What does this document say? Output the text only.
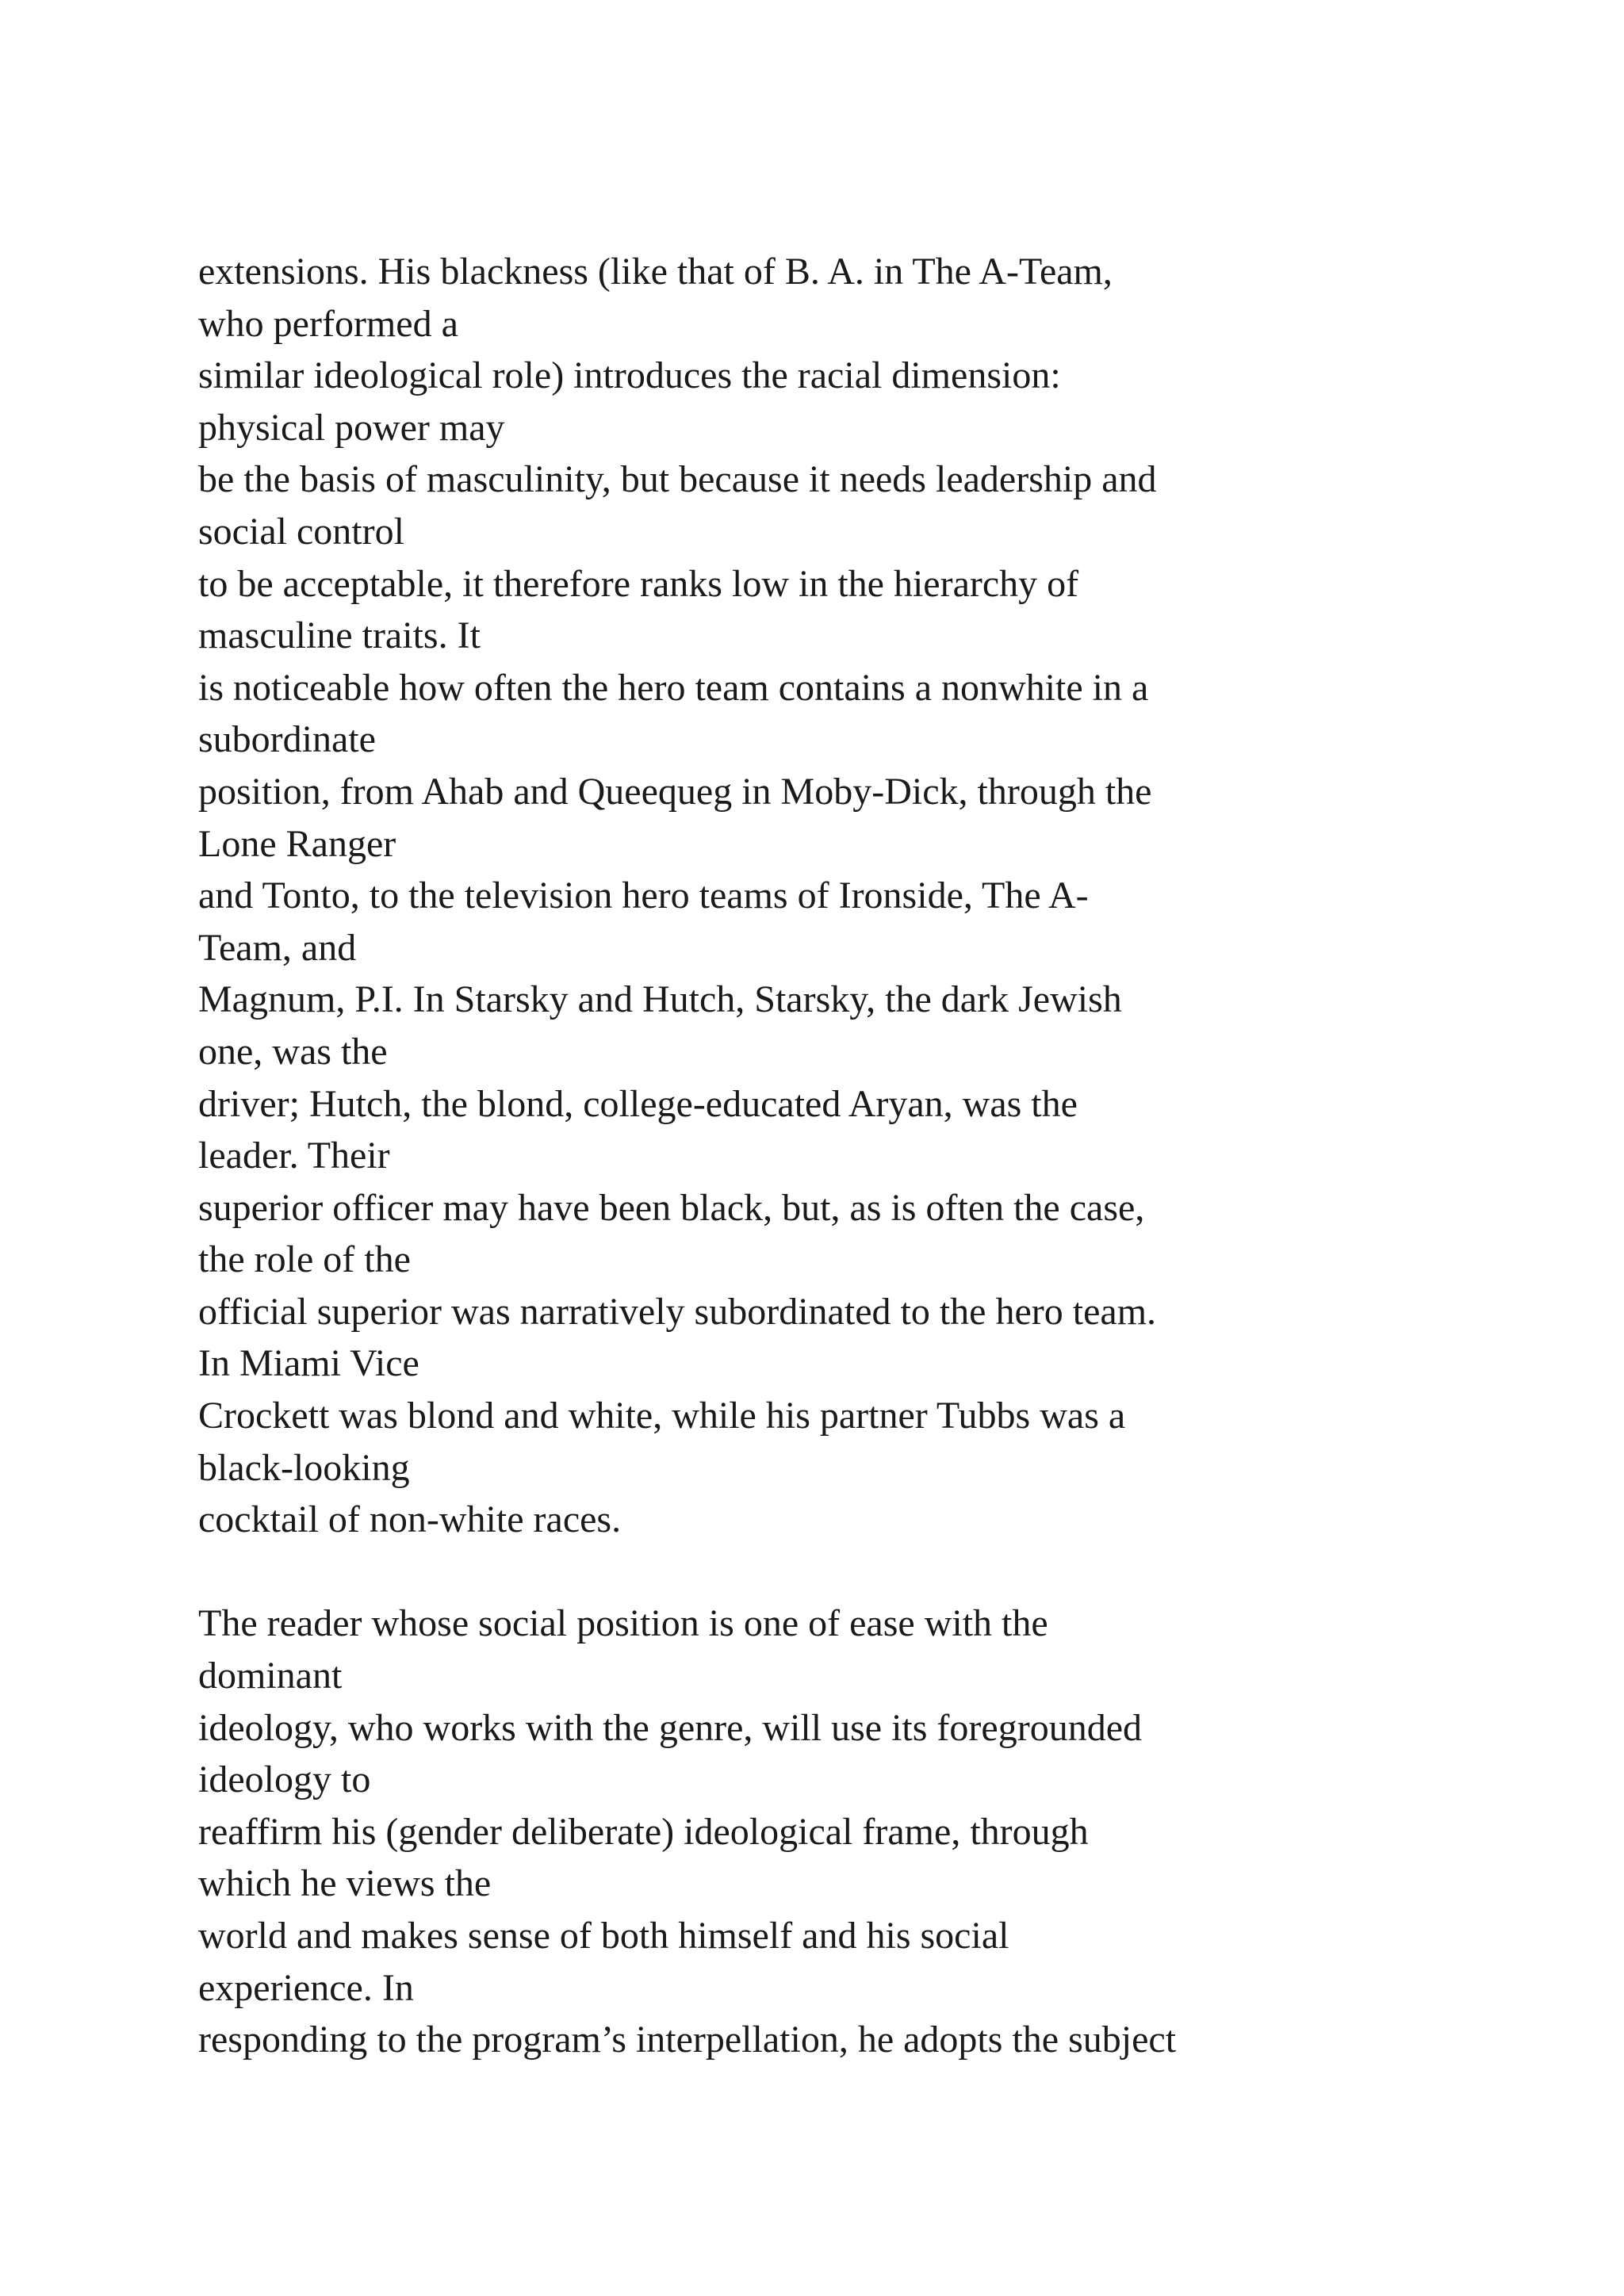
extensions. His blackness (like that of B. A. in The A-Team,
who performed a
similar ideological role) introduces the racial dimension:
physical power may
be the basis of masculinity, but because it needs leadership and
social control
to be acceptable, it therefore ranks low in the hierarchy of
masculine traits. It
is noticeable how often the hero team contains a nonwhite in a
subordinate
position, from Ahab and Queequeg in Moby-Dick, through the
Lone Ranger
and Tonto, to the television hero teams of Ironside, The A-
Team, and
Magnum, P.I. In Starsky and Hutch, Starsky, the dark Jewish
one, was the
driver; Hutch, the blond, college-educated Aryan, was the
leader. Their
superior officer may have been black, but, as is often the case,
the role of the
official superior was narratively subordinated to the hero team.
In Miami Vice
Crockett was blond and white, while his partner Tubbs was a
black-looking
cocktail of non-white races.
The reader whose social position is one of ease with the
dominant
ideology, who works with the genre, will use its foregrounded
ideology to
reaffirm his (gender deliberate) ideological frame, through
which he views the
world and makes sense of both himself and his social
experience. In
responding to the program’s interpellation, he adopts the subject
